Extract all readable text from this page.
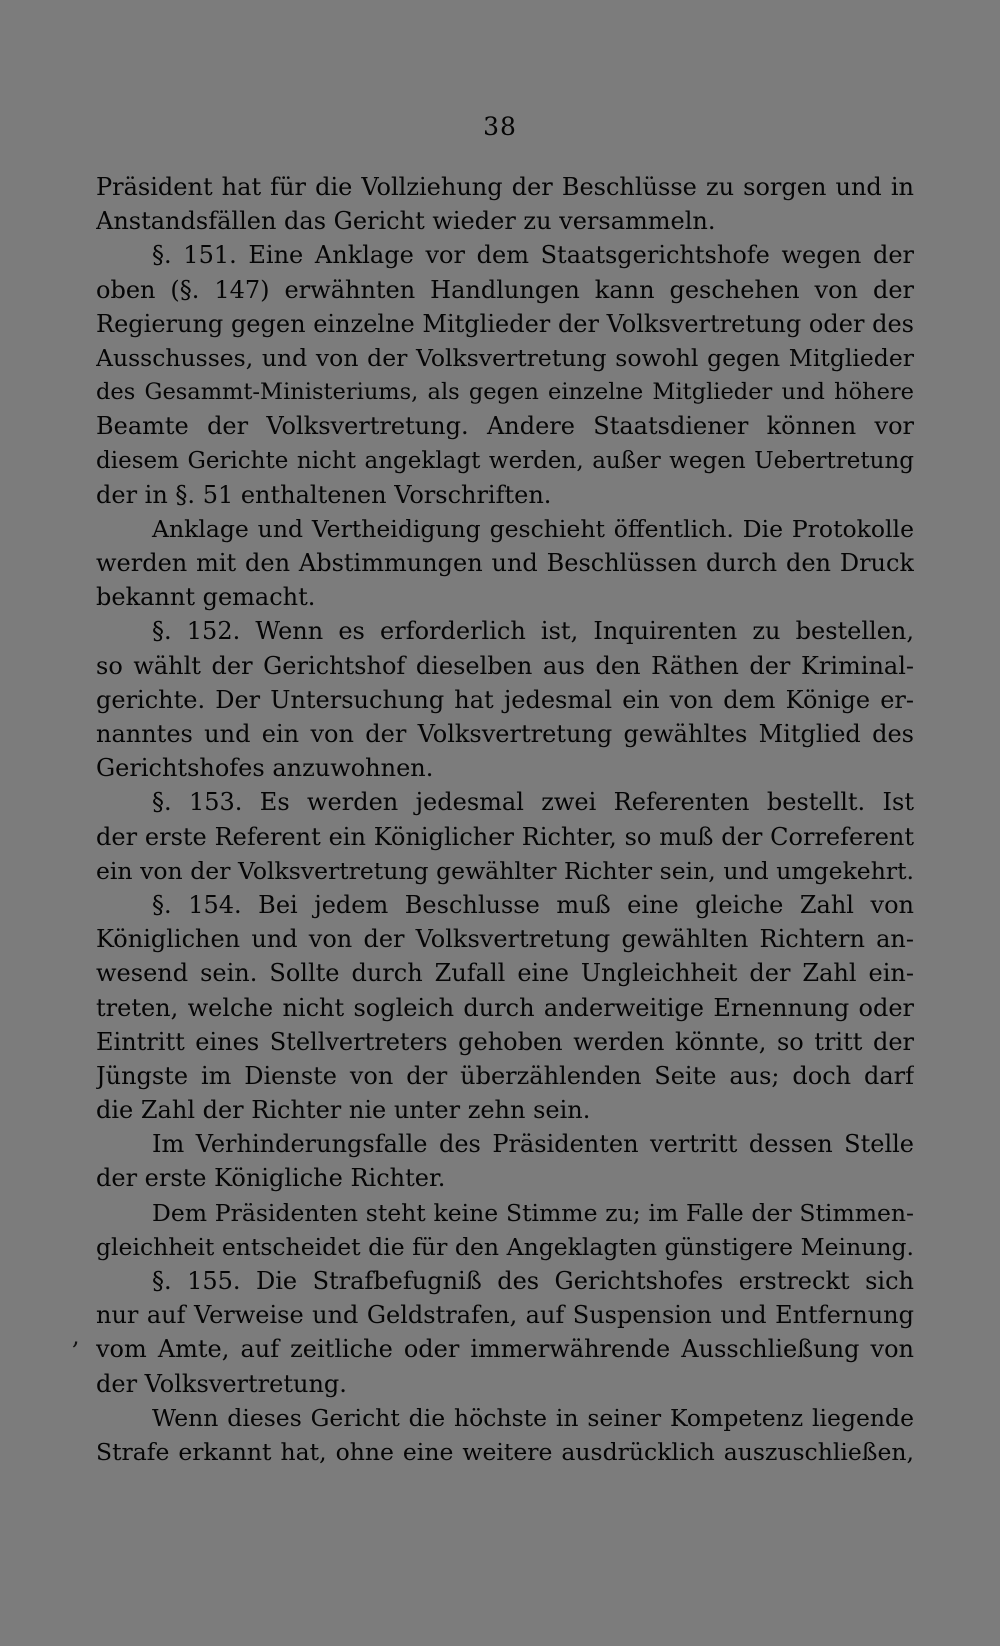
38
Präsident hat für die Vollziehung der Beschlüsse zu sorgen und in
Anstandsfällen das Gericht wieder zu versammeln.
§. 151. Eine Anklage vor dem Staatsgerichtshofe wegen der
oben (§. 147) erwähnten Handlungen kann geschehen von der
Regierung gegen einzelne Mitglieder der Volksvertretung oder des
Ausschusses, und von der Volksvertretung sowohl gegen Mitglieder
des Gesammt-Ministeriums, als gegen einzelne Mitglieder und höhere
Beamte der Volksvertretung. Andere Staatsdiener können vor
diesem Gerichte nicht angeklagt werden, außer wegen Uebertretung
der in §. 51 enthaltenen Vorschriften.
Anklage und Vertheidigung geschieht öffentlich. Die Protokolle
werden mit den Abstimmungen und Beschlüssen durch den Druck
bekannt gemacht.
§. 152. Wenn es erforderlich ist, Inquirenten zu bestellen,
so wählt der Gerichtshof dieselben aus den Räthen der Kriminal-
gerichte. Der Untersuchung hat jedesmal ein von dem Könige er-
nanntes und ein von der Volksvertretung gewähltes Mitglied des
Gerichtshofes anzuwohnen.
§. 153. Es werden jedesmal zwei Referenten bestellt. Ist
der erste Referent ein Königlicher Richter, so muß der Correferent
ein von der Volksvertretung gewählter Richter sein, und umgekehrt.
§. 154. Bei jedem Beschlusse muß eine gleiche Zahl von
Königlichen und von der Volksvertretung gewählten Richtern an-
wesend sein. Sollte durch Zufall eine Ungleichheit der Zahl ein-
treten, welche nicht sogleich durch anderweitige Ernennung oder
Eintritt eines Stellvertreters gehoben werden könnte, so tritt der
Jüngste im Dienste von der überzählenden Seite aus; doch darf
die Zahl der Richter nie unter zehn sein.
Im Verhinderungsfalle des Präsidenten vertritt dessen Stelle
der erste Königliche Richter.
Dem Präsidenten steht keine Stimme zu; im Falle der Stimmen-
gleichheit entscheidet die für den Angeklagten günstigere Meinung.
§. 155. Die Strafbefugniß des Gerichtshofes erstreckt sich
nur auf Verweise und Geldstrafen, auf Suspension und Entfernung
vom Amte, auf zeitliche oder immerwährende Ausschließung von
der Volksvertretung.
Wenn dieses Gericht die höchste in seiner Kompetenz liegende
Strafe erkannt hat, ohne eine weitere ausdrücklich auszuschließen,
,
